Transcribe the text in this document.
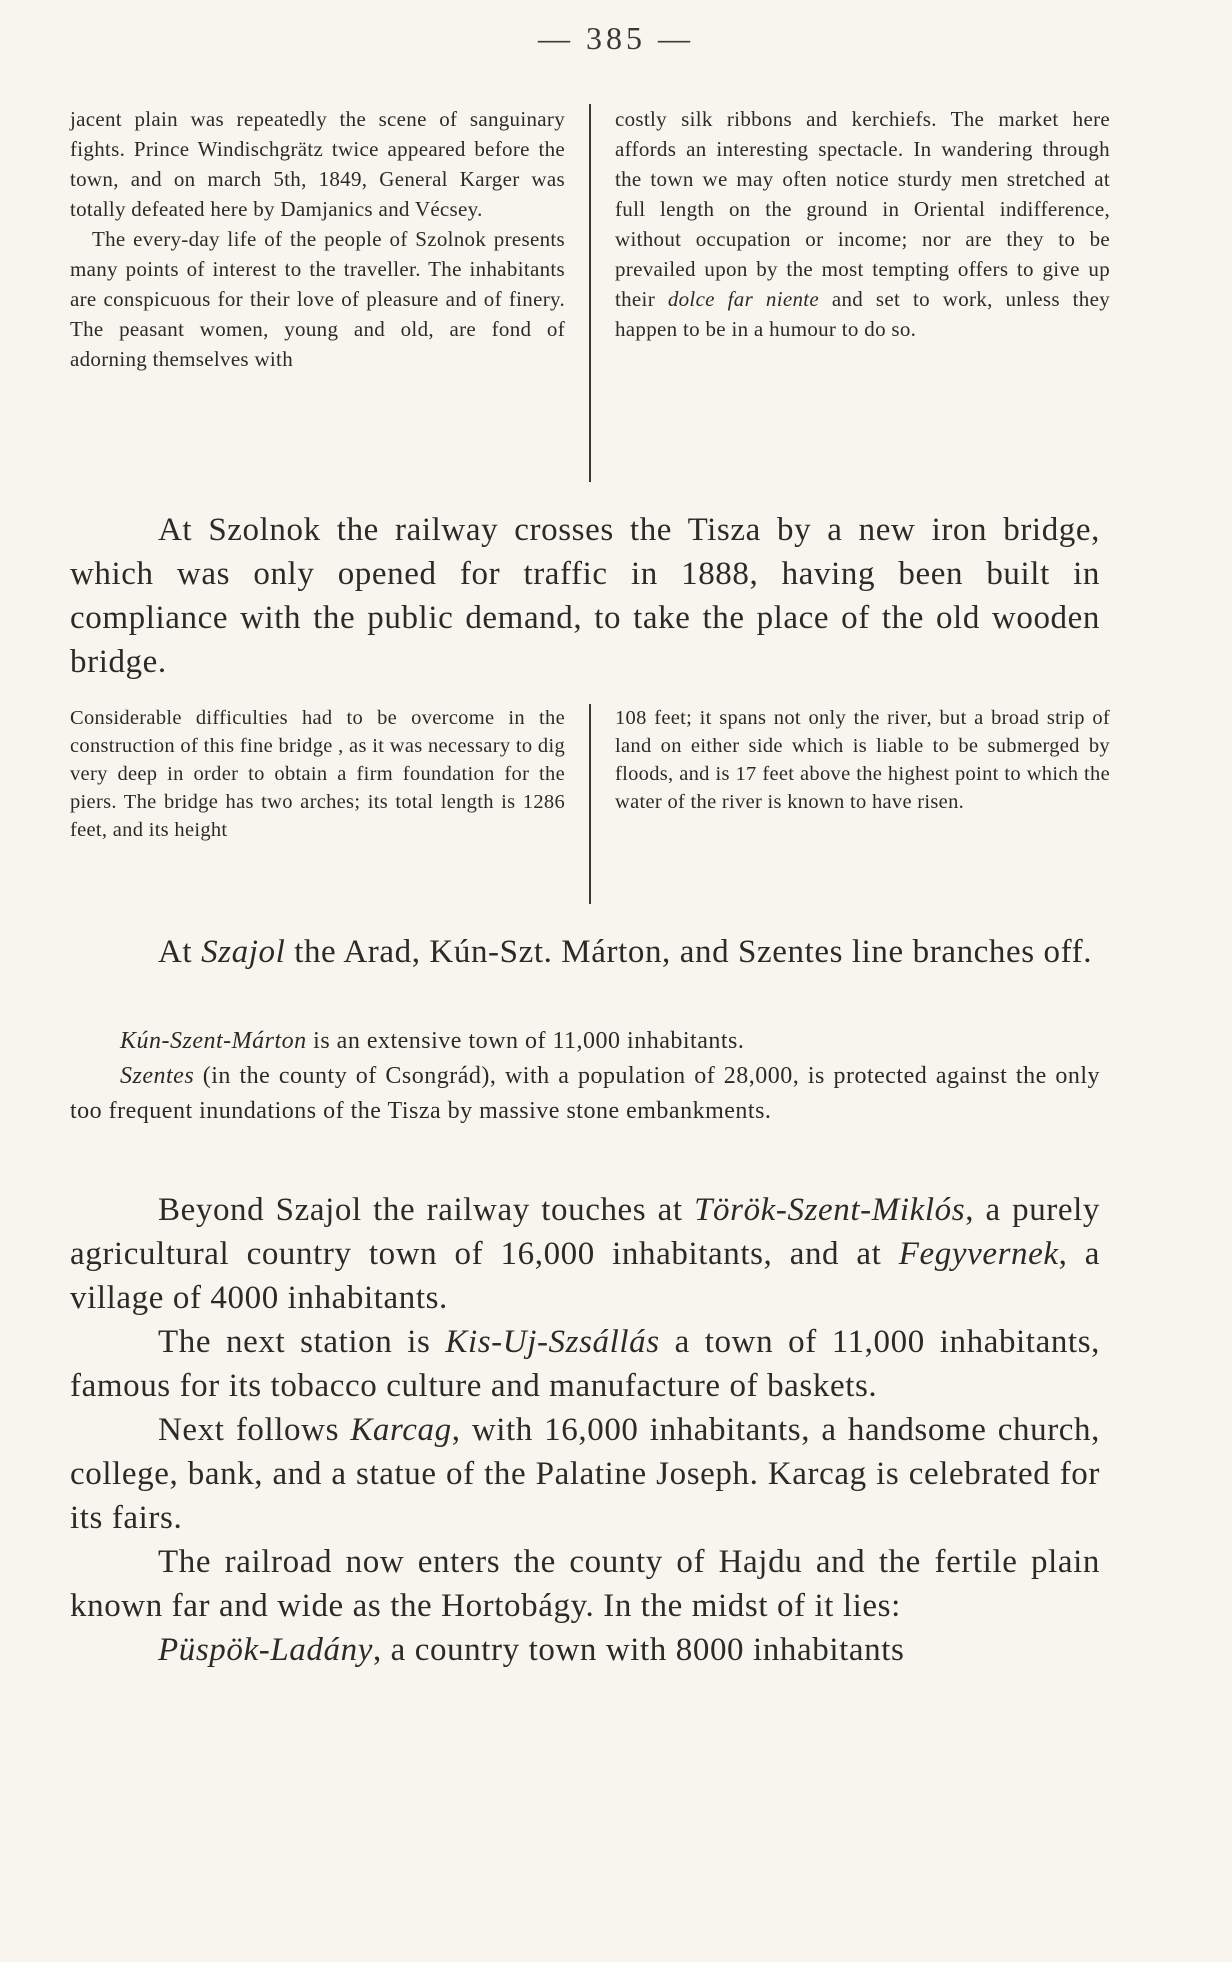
— 385 —

jacent plain was repeatedly the scene of sanguinary fights. Prince Windischgrätz twice appeared before the town, and on march 5th, 1849, General Karger was totally defeated here by Damjanics and Vécsey.

The every-day life of the people of Szolnok presents many points of interest to the traveller. The inhabitants are conspicuous for their love of pleasure and of finery. The peasant women, young and old, are fond of adorning themselves with

costly silk ribbons and kerchiefs. The market here affords an interesting spectacle. In wandering through the town we may often notice sturdy men stretched at full length on the ground in Oriental indifference, without occupation or income; nor are they to be prevailed upon by the most tempting offers to give up their dolce far niente and set to work, unless they happen to be in a humour to do so.

At Szolnok the railway crosses the Tisza by a new iron bridge, which was only opened for traffic in 1888, having been built in compliance with the public demand, to take the place of the old wooden bridge.

Considerable difficulties had to be overcome in the construction of this fine bridge , as it was necessary to dig very deep in order to obtain a firm foundation for the piers. The bridge has two arches; its total length is 1286 feet, and its height

108 feet; it spans not only the river, but a broad strip of land on either side which is liable to be submerged by floods, and is 17 feet above the highest point to which the water of the river is known to have risen.

At Szajol the Arad, Kún-Szt. Márton, and Szentes line branches off.

Kún-Szent-Márton is an extensive town of 11,000 inhabitants.

Szentes (in the county of Csongrád), with a population of 28,000, is protected against the only too frequent inundations of the Tisza by massive stone embankments.

Beyond Szajol the railway touches at Török-Szent-Miklós, a purely agricultural country town of 16,000 inhabitants, and at Fegyvernek, a village of 4000 inhabitants.

The next station is Kis-Uj-Szsállás a town of 11,000 inhabitants, famous for its tobacco culture and manufacture of baskets.

Next follows Karcag, with 16,000 inhabitants, a handsome church, college, bank, and a statue of the Palatine Joseph. Karcag is celebrated for its fairs.

The railroad now enters the county of Hajdu and the fertile plain known far and wide as the Hortobágy. In the midst of it lies:

Püspök-Ladány, a country town with 8000 inhabitants
